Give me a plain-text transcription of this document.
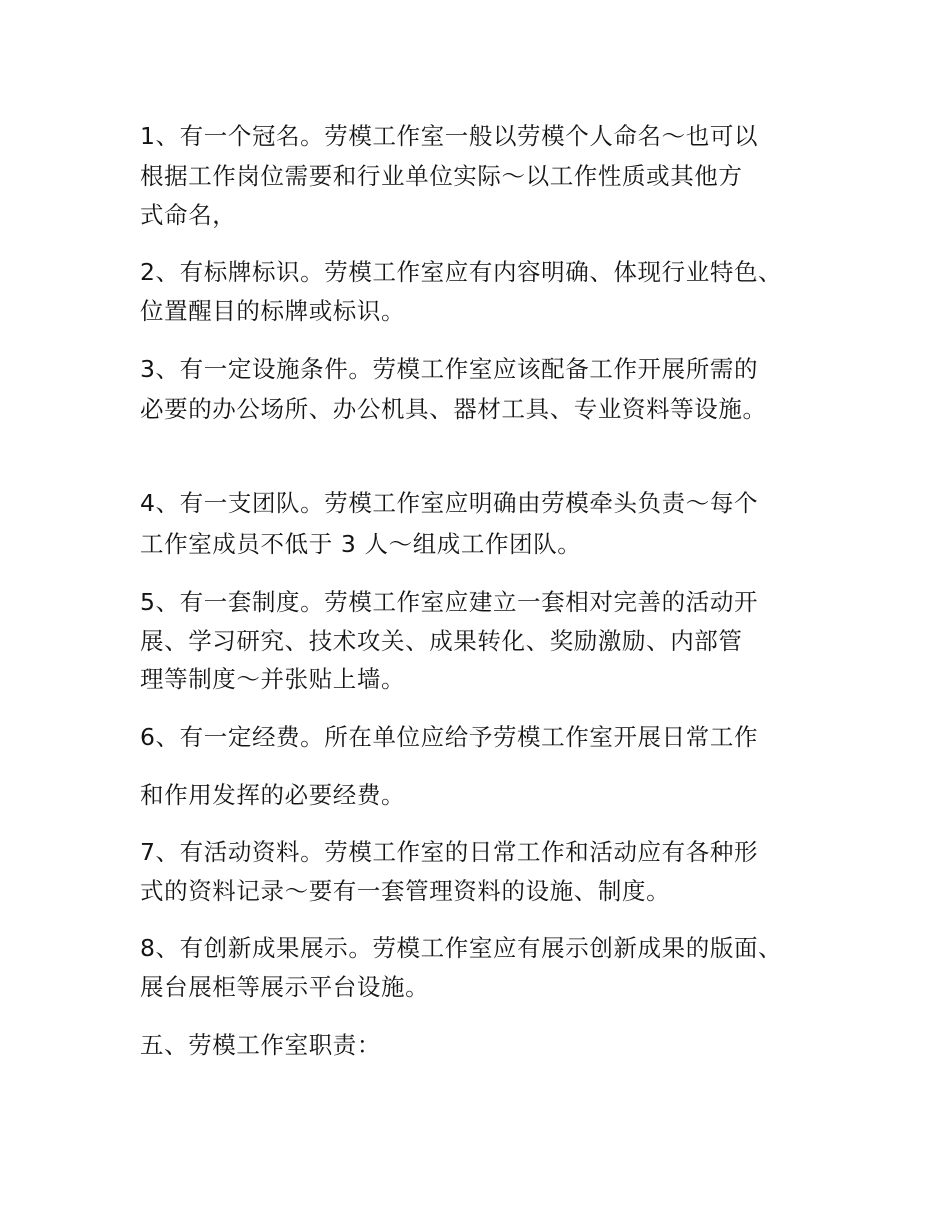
1、有一个冠名。劳模工作室一般以劳模个人命名～也可以
根据工作岗位需要和行业单位实际～以工作性质或其他方
式命名，
2、有标牌标识。劳模工作室应有内容明确、体现行业特色、
位置醒目的标牌或标识。
3、有一定设施条件。劳模工作室应该配备工作开展所需的
必要的办公场所、办公机具、器材工具、专业资料等设施。
4、有一支团队。劳模工作室应明确由劳模牵头负责～每个
工作室成员不低于 3 人～组成工作团队。
5、有一套制度。劳模工作室应建立一套相对完善的活动开
展、学习研究、技术攻关、成果转化、奖励激励、内部管
理等制度～并张贴上墙。
6、有一定经费。所在单位应给予劳模工作室开展日常工作
和作用发挥的必要经费。
7、有活动资料。劳模工作室的日常工作和活动应有各种形
式的资料记录～要有一套管理资料的设施、制度。
8、有创新成果展示。劳模工作室应有展示创新成果的版面、
展台展柜等展示平台设施。
五、劳模工作室职责：
